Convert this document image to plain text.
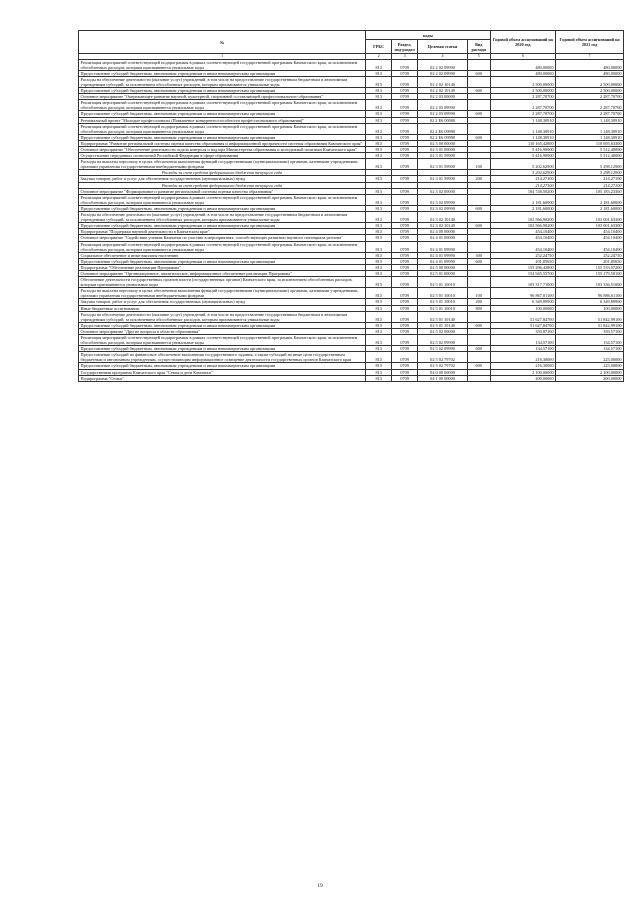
№	коды				Годовой объем ассигнований на 2020 год	Годовой объем ассигнований на 2021 год
	ГРБС	Раздел, под-раздел	Целевая статья	Вид расхода		
1	2	3	4	5	6	7
Реализация мероприятий соответствующей подпрограммы в рамках соответствующей государственной программы Камчатского края, за исключением обособленных расходов, которым присваиваются уникальные коды	813	0709	02 2 02 09990		480,00000	480,00000
Предоставление субсидий бюджетным, автономным учреждениям и иным некоммерческим организациям	813	0709	02 2 02 09990	600	480,00000	480,00000
Расходы на обеспечение деятельности (оказание услуг) учреждений, в том числе на предоставление государственным бюджетным и автономным учреждениям субсидий, за исключением обособленных расходов, которым присваиваются уникальные коды	813	0709	02 2 02 10140		2 500,00000	2 500,00000
Предоставление субсидий бюджетным, автономным учреждениям и иным некоммерческим организациям	813	0709	02 2 02 10140	600	2 500,00000	2 500,00000
Основное мероприятие "Опережающее развитие научной, культурной, спортивной составляющей профессионального образования"	813	0709	02 2 03 00000		2 287,70700	2 287,70700
Реализация мероприятий соответствующей подпрограммы в рамках соответствующей государственной программы Камчатского края, за исключением обособленных расходов, которым присваиваются уникальные коды	813	0709	02 2 03 09990		2 287,70700	2 287,70700
Предоставление субсидий бюджетным, автономным учреждениям и иным некоммерческим организациям	813	0709	02 2 03 09990	600	2 287,70700	2 287,70700
Региональный проект "Молодые профессионалы (Повышение конкурентоспособности профессионального образования)"	813	0709	02 2 E6 00000		1 148,30910	1 148,30910
Реализация мероприятий соответствующей подпрограммы в рамках соответствующей государственной программы Камчатского края, за исключением обособленных расходов, которым присваиваются уникальные коды	813	0709	02 2 E6 09990		1 148,30910	1 148,30910
Предоставление субсидий бюджетным, автономным учреждениям и иным некоммерческим организациям	813	0709	02 2 E6 09990	600	1 148,30910	1 148,30910
Подпрограмма "Развитие региональной системы оценки качества образования и информационной прозрачности системы образования Камчатского края"	813	0709	02 3 00 00000		110 165,42800	110 695,63300
Основное мероприятие "Обеспечение деятельности отдела контроля и надзора Министерства образования и молодежной политики Камчатского края"	813	0709	02 3 01 00000		5 416,90000	5 512,40000
Осуществление переданных полномочий Российской Федерации в сфере образования	813	0709	02 3 01 59900		5 416,90000	5 512,40000
Расходы на выплаты персоналу в целях обеспечения выполнения функций государственными (муниципальными) органами, казенными учреждениями, органами управления государственными внебюджетными фондами	813	0709	02 3 01 59900	100	5 202,62900	5 298,12900
Расходы за счет средств федерального бюджета текущего года					5 202,62900	5 298,12900
Закупка товаров, работ и услуг для обеспечения государственных (муниципальных) нужд	813	0709	02 3 01 59900	200	214,27100	214,27100
Расходы за счет средств федерального бюджета текущего года					214,27100	214,27100
Основное мероприятие "Формирование и развитие региональной системы оценки качества образования"	813	0709	02 3 02 00000		104 748,50200	105 183,23300
Реализация мероприятий соответствующей подпрограммы в рамках соответствующей государственной программы Камчатского края, за исключением обособленных расходов, которым присваиваются уникальные коды	813	0709	02 3 02 09990		2 181,60000	2 181,60000
Предоставление субсидий бюджетным, автономным учреждениям и иным некоммерческим организациям	813	0709	02 3 02 09990	600	2 181,60000	2 181,60000
Расходы на обеспечение деятельности (оказание услуг) учреждений, в том числе на предоставление государственным бюджетным и автономным учреждениям субсидий, за исключением обособленных расходов, которым присваиваются уникальные коды	813	0709	02 3 02 10140		102 566,90200	103 001,63300
Предоставление субсидий бюджетным, автономным учреждениям и иным некоммерческим организациям	813	0709	02 3 02 10140	600	102 566,90200	103 001,63300
Подпрограмма "Поддержка научной деятельности в Камчатском крае"	813	0709	02 4 00 00000		454,10400	454,10400
Основное мероприятие "Содействие ученым Камчатки по участию в мероприятиях, способствующих развитию научного потенциала региона"	813	0709	02 4 01 00000		454,10400	454,10400
Реализация мероприятий соответствующей подпрограммы в рамках соответствующей государственной программы Камчатского края, за исключением обособленных расходов, которым присваиваются уникальные коды	813	0709	02 4 01 09990		454,10400	454,10400
Социальное обеспечение и иные выплаты населению	813	0709	02 4 01 09990	300	252,24750	252,24750
Предоставление субсидий бюджетным, автономным учреждениям и иным некоммерческим организациям	813	0709	02 4 01 09990	600	201,85650	201,85650
Подпрограмма "Обеспечение реализации Программы"	813	0709	02 5 00 00000		155 296,42800	155 533,07200
Основное мероприятие "Организационное, аналитическое, информационное обеспечение реализации Программы"	813	0709	02 5 01 00000		154 945,55700	155 179,50100
Обеспечение деятельности государственных органов власти (государственных органов) Камчатского края, за исключением обособленных расходов, которым присваиваются уникальные коды	813	0709	02 5 01 10010		103 317,71000	103 336,51000
Расходы на выплаты персоналу в целях обеспечения выполнения функций государственными (муниципальными) органами, казенными учреждениями, органами управления государственными внебюджетными фондами	813	0709	02 5 01 10010	100	96 867,81100	96 886,61100
Закупка товаров, работ и услуг для обеспечения государственных (муниципальных) нужд	813	0709	02 5 01 10010	200	6 349,89900	6 349,89900
Иные бюджетные ассигнования	813	0709	02 5 01 10010	800	100,00000	100,00000
Расходы на обеспечение деятельности (оказание услуг) учреждений, в том числе на предоставление государственным бюджетным и автономным учреждениям субсидий, за исключением обособленных расходов, которым присваиваются уникальные коды	813	0709	02 5 01 10140		51 627,84700	51 842,99100
Предоставление субсидий бюджетным, автономным учреждениям и иным некоммерческим организациям	813	0709	02 5 01 10140	600	51 627,84700	51 842,99100
Основное мероприятие "Другие вопросы в области образования"	813	0709	02 5 02 00000		350,87100	359,57100
Реализация мероприятий соответствующей подпрограммы в рамках соответствующей государственной программы Камчатского края, за исключением обособленных расходов, которым присваиваются уникальные коды	813	0709	02 5 02 09990		134,57100	134,57100
Предоставление субсидий бюджетным, автономным учреждениям и иным некоммерческим организациям	813	0709	02 5 02 09990	600	134,57100	134,57100
Предоставление субсидий на финансовое обеспечение выполнения государственного задания, а также субсидий на иные цели государственным бюджетным и автономным учреждениям, осуществляющим информационное освещение деятельности государственных органов Камчатского края	813	0709	02 5 02 79702		216,30000	225,00000
Предоставление субсидий бюджетным, автономным учреждениям и иным некоммерческим организациям	813	0709	02 5 02 79702	600	216,30000	225,00000
Государственная программа Камчатского края "Семья и дети Камчатки"	813	0709	04 0 00 00000		2 100,00000	2 100,00000
Подпрограмма "Семья"	813	0709	04 1 00 00000		200,00000	200,00000
19
